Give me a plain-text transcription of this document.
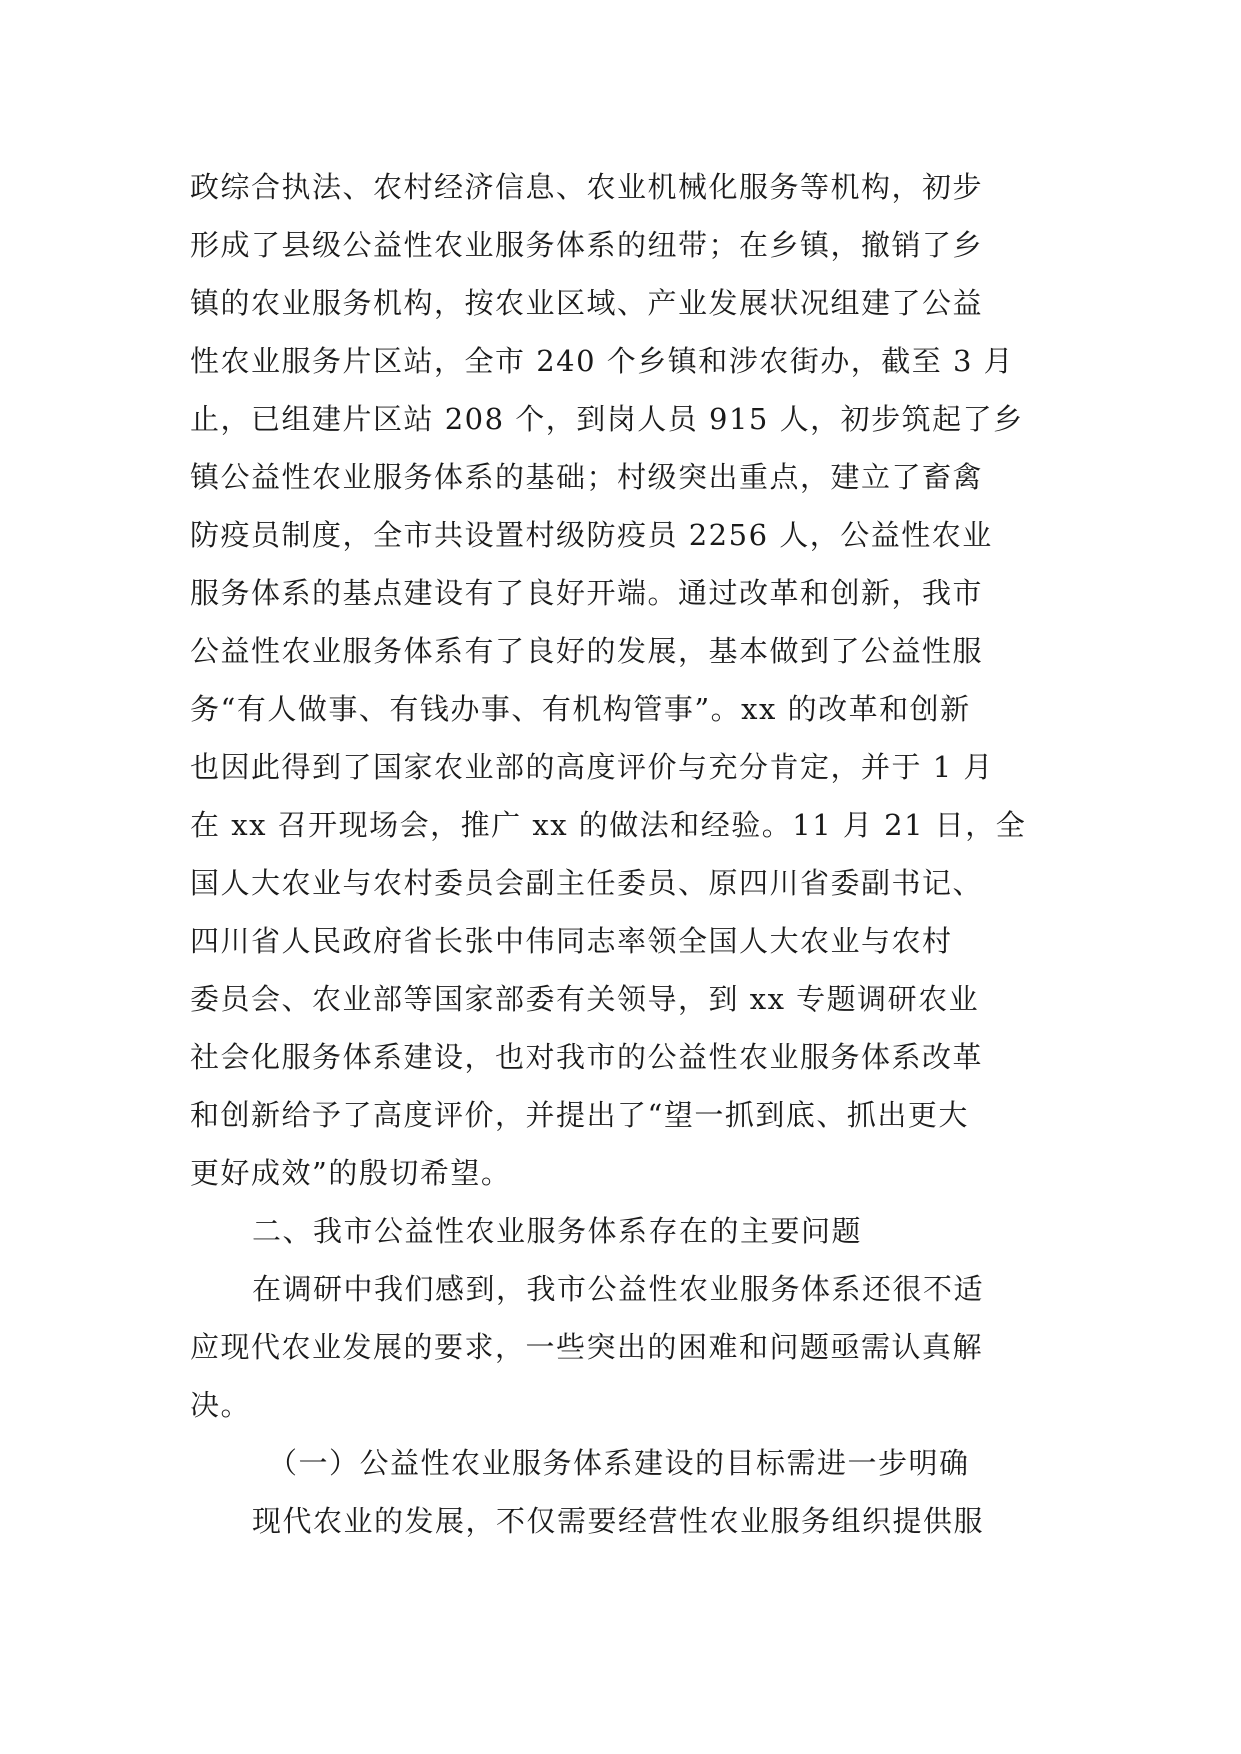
政综合执法、农村经济信息、农业机械化服务等机构，初步
形成了县级公益性农业服务体系的纽带；在乡镇，撤销了乡
镇的农业服务机构，按农业区域、产业发展状况组建了公益
性农业服务片区站，全市 240 个乡镇和涉农街办，截至 3 月
止，已组建片区站 208 个，到岗人员 915 人，初步筑起了乡
镇公益性农业服务体系的基础；村级突出重点，建立了畜禽
防疫员制度，全市共设置村级防疫员 2256 人，公益性农业
服务体系的基点建设有了良好开端。通过改革和创新，我市
公益性农业服务体系有了良好的发展，基本做到了公益性服
务“有人做事、有钱办事、有机构管事”。xx 的改革和创新
也因此得到了国家农业部的高度评价与充分肯定，并于 1 月
在 xx 召开现场会，推广 xx 的做法和经验。11 月 21 日，全
国人大农业与农村委员会副主任委员、原四川省委副书记、
四川省人民政府省长张中伟同志率领全国人大农业与农村
委员会、农业部等国家部委有关领导，到 xx 专题调研农业
社会化服务体系建设，也对我市的公益性农业服务体系改革
和创新给予了高度评价，并提出了“望一抓到底、抓出更大
更好成效”的殷切希望。
二、我市公益性农业服务体系存在的主要问题
在调研中我们感到，我市公益性农业服务体系还很不适
应现代农业发展的要求，一些突出的困难和问题亟需认真解
决。
（一）公益性农业服务体系建设的目标需进一步明确
现代农业的发展，不仅需要经营性农业服务组织提供服
